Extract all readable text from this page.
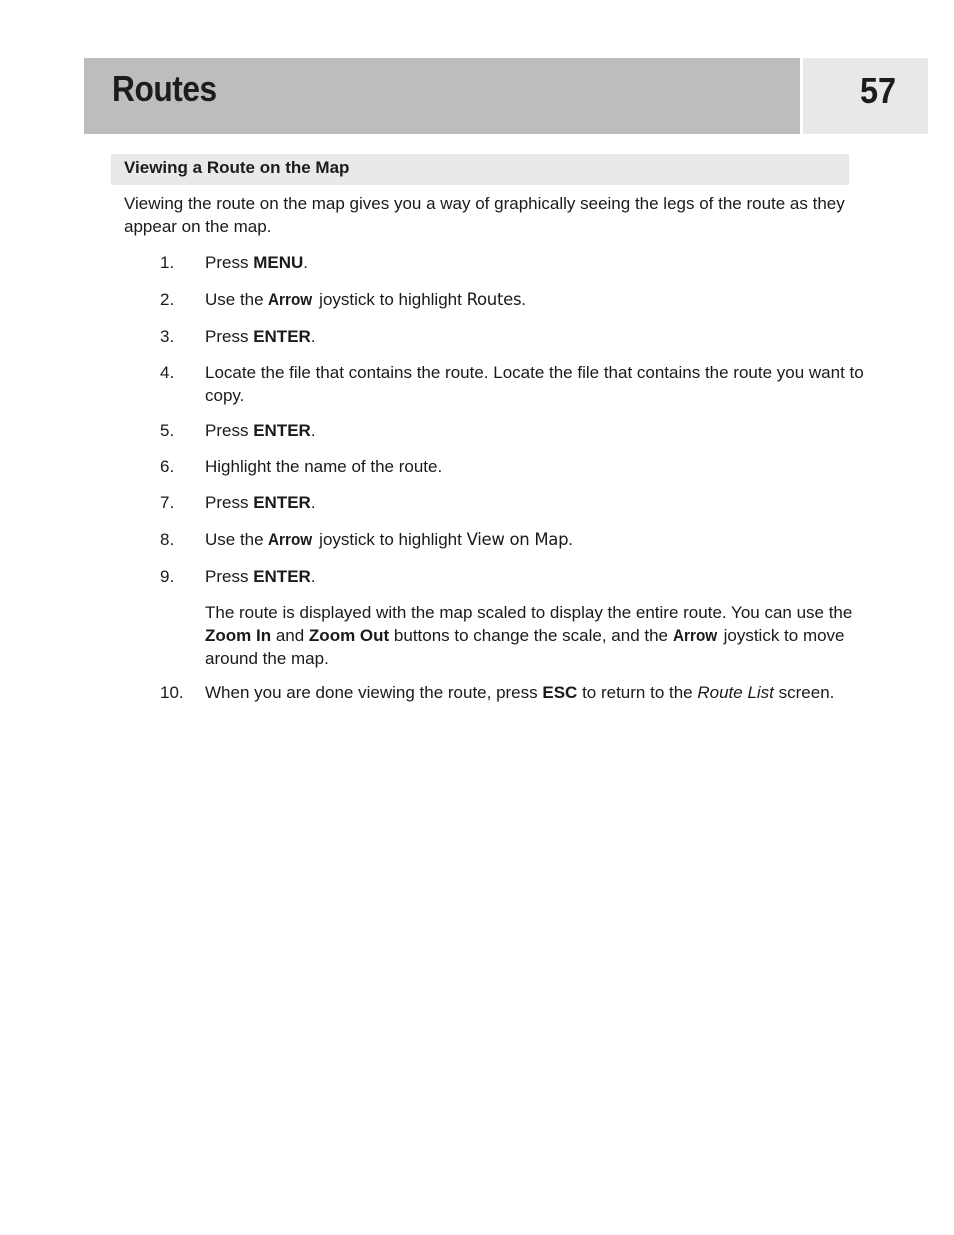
Routes	57
Viewing a Route on the Map

Viewing the route on the map gives you a way of graphically seeing the legs of the route as they appear on the map.

1. Press MENU.

2. Use the Arrow joystick to highlight Routes.

3. Press ENTER.

4. Locate the file that contains the route. Locate the file that contains the route you want to copy.

5. Press ENTER.

6. Highlight the name of the route.

7. Press ENTER.

8. Use the Arrow joystick to highlight View on Map.

9. Press ENTER.

The route is displayed with the map scaled to display the entire route. You can use the Zoom In and Zoom Out buttons to change the scale, and the Arrow joystick to move around the map.

10. When you are done viewing the route, press ESC to return to the Route List screen.
